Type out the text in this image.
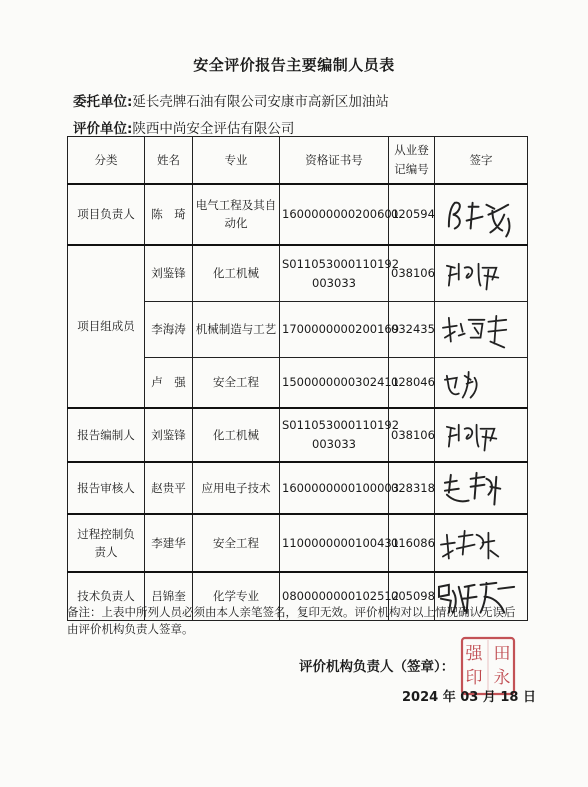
安全评价报告主要编制人员表
委托单位:延长壳牌石油有限公司安康市高新区加油站
评价单位:陕西中尚安全评估有限公司
分类	姓名	专业	资格证书号	从业登
记编号	签字
项目负责人	陈　琦	电气工程及其自
动化	1600000000200601	020594	

项目组成员	刘鉴锋	化工机械	S011053000110192
003033	038106	

	李海涛	机械制造与工艺	1700000000200169	032435	

	卢　强	安全工程	1500000000302411	028046	

报告编制人	刘鉴锋	化工机械	S011053000110192
003033	038106	

报告审核人	赵贵平	应用电子技术	1600000000100003	028318	

过程控制负
责人	李建华	安全工程	1100000000100431	016086	

技术负责人	吕锦奎	化学专业	0800000000102512	005098	
备注：上表中所列人员必须由本人亲笔签名，复印无效。评价机构对以上情况确认无误后由评价机构负责人签章。
评价机构负责人（签章）：
田
永
强
印
2024 年 03 月 18 日
